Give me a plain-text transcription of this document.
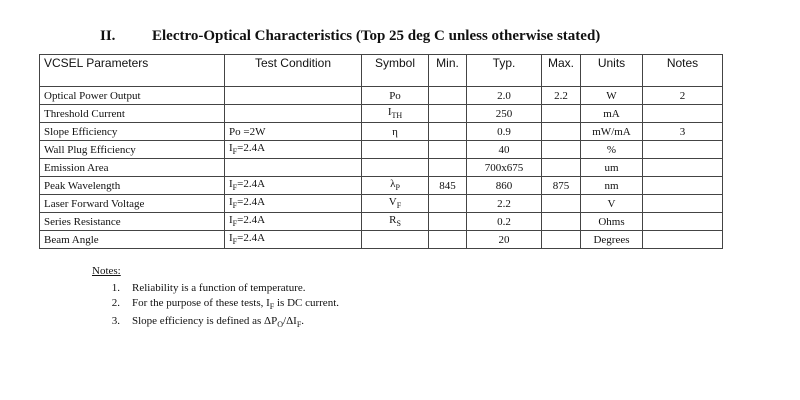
II. Electro-Optical Characteristics (Top 25 deg C unless otherwise stated)
VCSEL Parameters	Test Condition	Symbol	Min.	Typ.	Max.	Units	Notes
Optical Power Output		Po		2.0	2.2	W	2
Threshold Current		$I_{TH}$		250		mA	
Slope Efficiency	Po =2W	η		0.9		mW/mA	3
Wall Plug Efficiency	$I_F=2.4A$			40		%	
Emission Area				700x675		um	
Peak Wavelength	$I_F=2.4A$	$\lambda_P$	845	860	875	nm	
Laser Forward Voltage	$I_F=2.4A$	$V_F$		2.2		V	
Series Resistance	$I_F=2.4A$	$R_S$		0.2		Ohms	
Beam Angle	$I_F=2.4A$			20		Degrees	
Notes:
1.	Reliability is a function of temperature.
2.	For the purpose of these tests, $I_F$ is DC current.
3.	Slope efficiency is defined as $\Delta P_O/\Delta I_F$.
